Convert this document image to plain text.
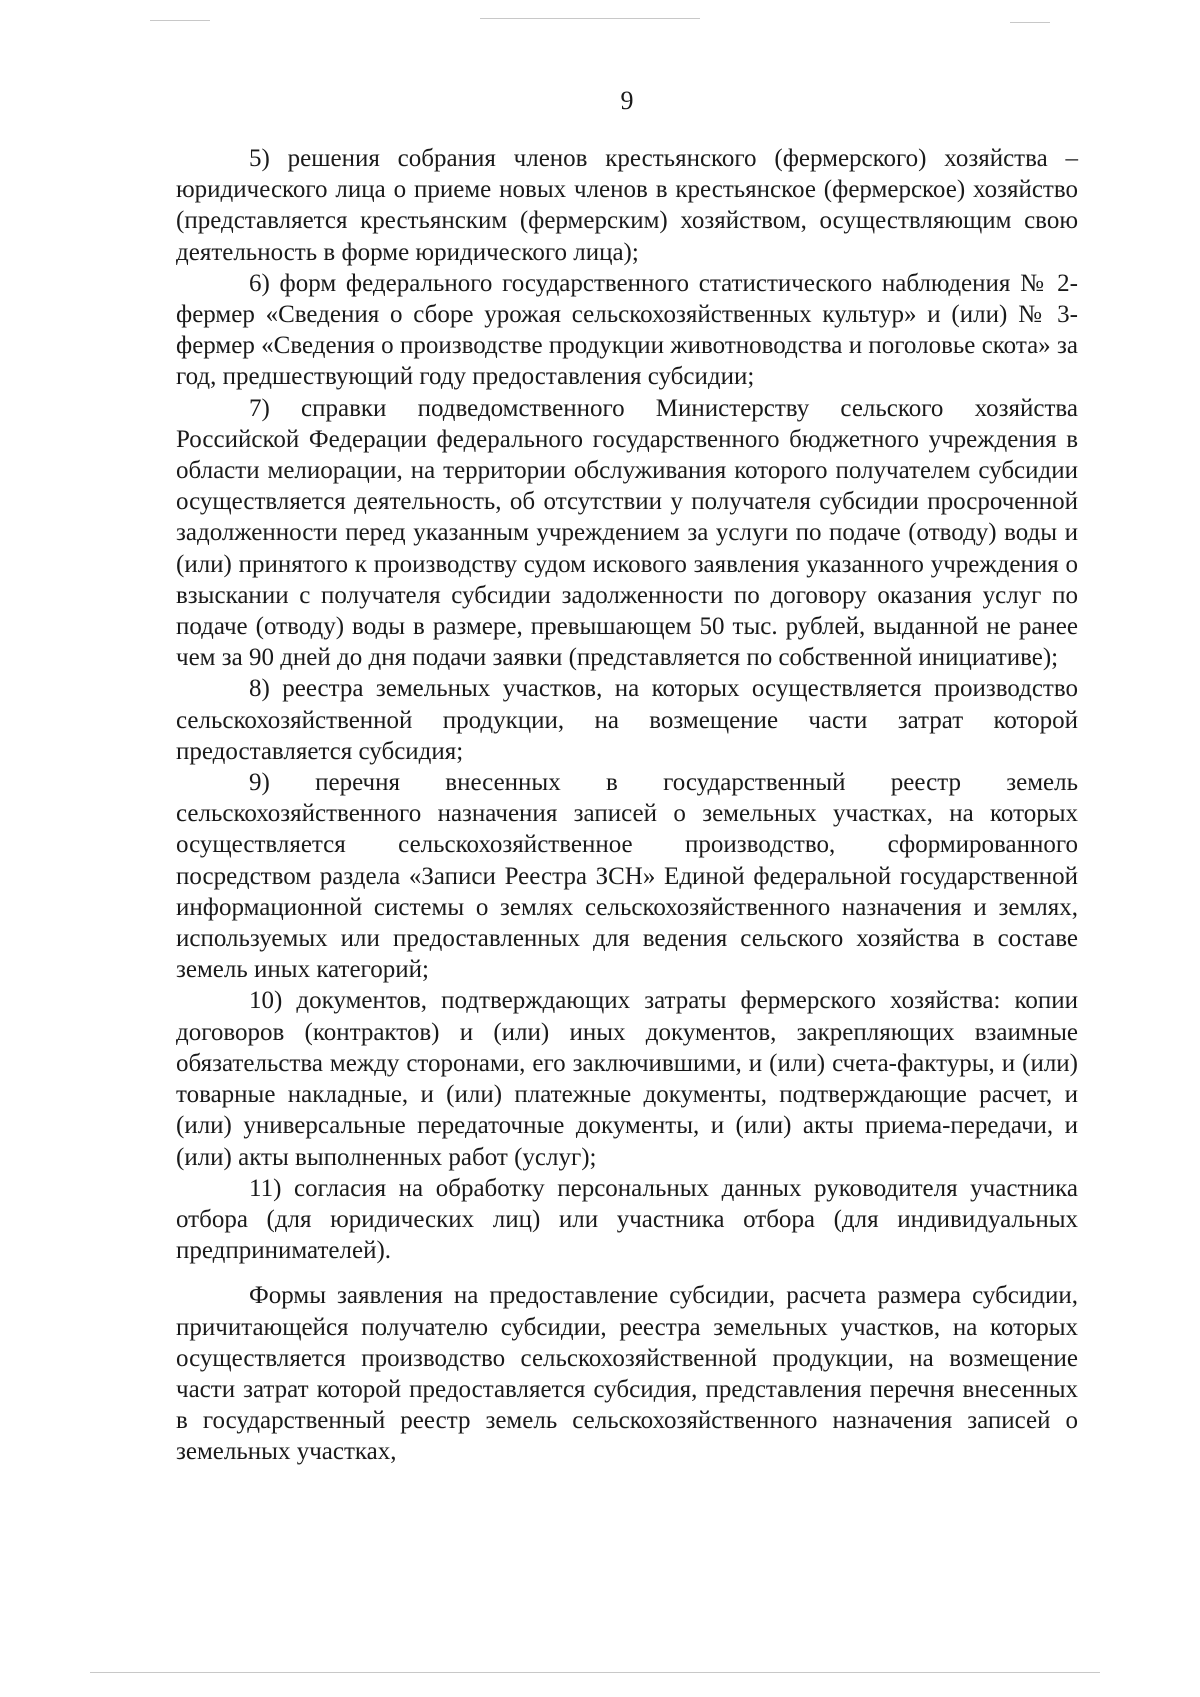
9

5) решения собрания членов крестьянского (фермерского) хозяйства – юридического лица о приеме новых членов в крестьянское (фермерское) хозяйство (представляется крестьянским (фермерским) хозяйством, осуществляющим свою деятельность в форме юридического лица);

6) форм федерального государственного статистического наблюдения № 2-фермер «Сведения о сборе урожая сельскохозяйственных культур» и (или) № 3-фермер «Сведения о производстве продукции животноводства и поголовье скота» за год, предшествующий году предоставления субсидии;

7) справки подведомственного Министерству сельского хозяйства Российской Федерации федерального государственного бюджетного учреждения в области мелиорации, на территории обслуживания которого получателем субсидии осуществляется деятельность, об отсутствии у получателя субсидии просроченной задолженности перед указанным учреждением за услуги по подаче (отводу) воды и (или) принятого к производству судом искового заявления указанного учреждения о взыскании с получателя субсидии задолженности по договору оказания услуг по подаче (отводу) воды в размере, превышающем 50 тыс. рублей, выданной не ранее чем за 90 дней до дня подачи заявки (представляется по собственной инициативе);

8) реестра земельных участков, на которых осуществляется производство сельскохозяйственной продукции, на возмещение части затрат которой предоставляется субсидия;

9) перечня внесенных в государственный реестр земель сельскохозяйственного назначения записей о земельных участках, на которых осуществляется сельскохозяйственное производство, сформированного посредством раздела «Записи Реестра ЗСН» Единой федеральной государственной информационной системы о землях сельскохозяйственного назначения и землях, используемых или предоставленных для ведения сельского хозяйства в составе земель иных категорий;

10) документов, подтверждающих затраты фермерского хозяйства: копии договоров (контрактов) и (или) иных документов, закрепляющих взаимные обязательства между сторонами, его заключившими, и (или) счета-фактуры, и (или) товарные накладные, и (или) платежные документы, подтверждающие расчет, и (или) универсальные передаточные документы, и (или) акты приема-передачи, и (или) акты выполненных работ (услуг);

11) согласия на обработку персональных данных руководителя участника отбора (для юридических лиц) или участника отбора (для индивидуальных предпринимателей).

Формы заявления на предоставление субсидии, расчета размера субсидии, причитающейся получателю субсидии, реестра земельных участков, на которых осуществляется производство сельскохозяйственной продукции, на возмещение части затрат которой предоставляется субсидия, представления перечня внесенных в государственный реестр земель сельскохозяйственного назначения записей о земельных участках,
